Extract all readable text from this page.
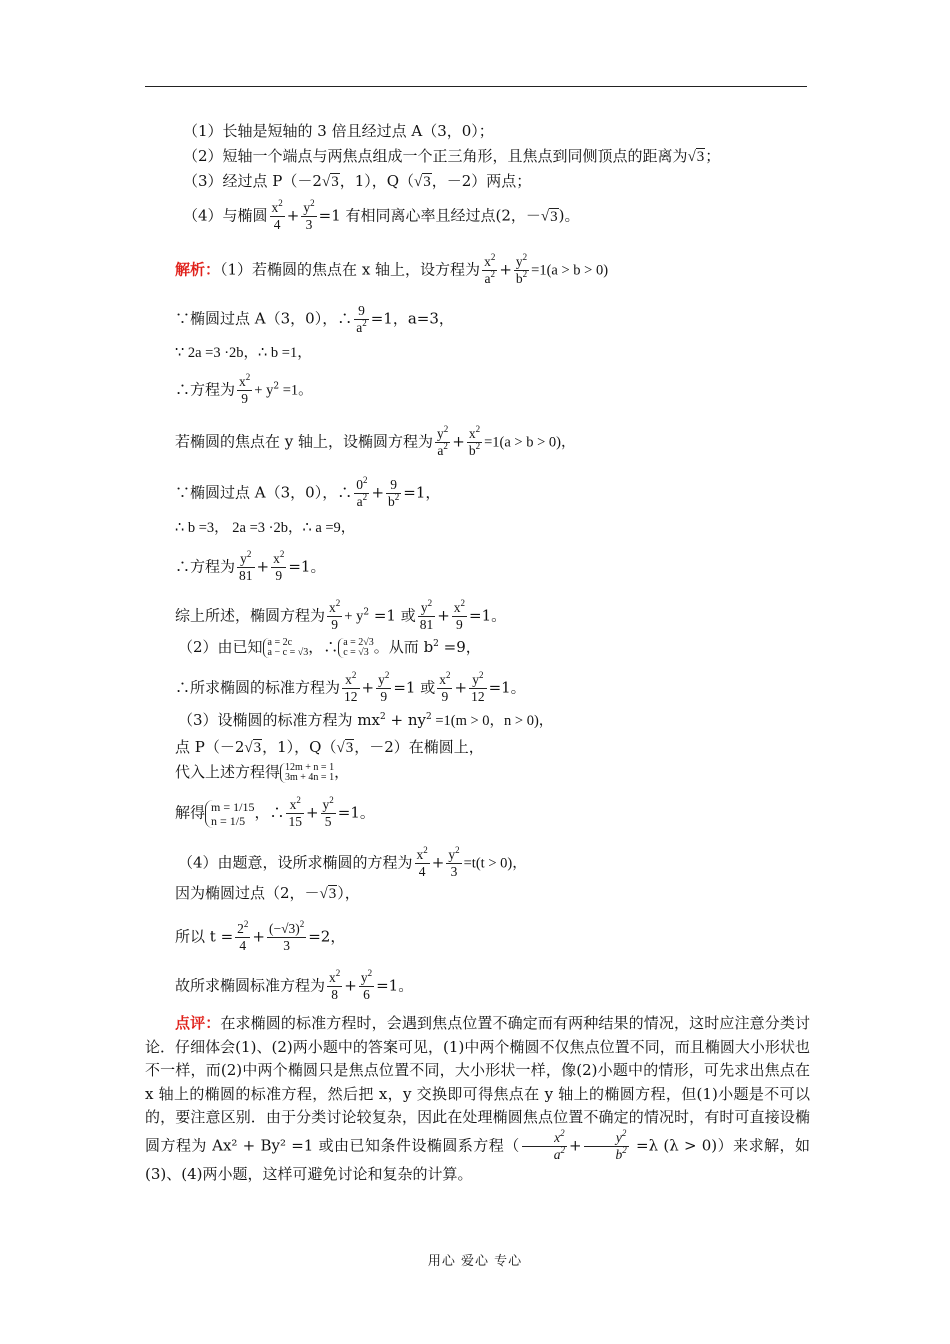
（1）长轴是短轴的 3 倍且经过点 A（3，0）；
（2）短轴一个端点与两焦点组成一个正三角形，且焦点到同侧顶点的距离为√3；
（3）经过点 P（－2√3，1），Q（√3，－2）两点；
（4）与椭圆 $\frac{x^2}{4} + \frac{y^2}{3} =1$ 有相同离心率且经过点(2，－√3)。
解析：（1）若椭圆的焦点在 x 轴上，设方程为 $\frac{x^2}{a^2} + \frac{y^2}{b^2} =1(a > b > 0)$
∵椭圆过点 A（3，0），∴ $\frac{9}{a^2} =1$，a=3，
∵ 2a =3 ·2b，∴ b =1，
∴方程为 $\frac{x^2}{9} + y^2 =1$。
若椭圆的焦点在 y 轴上，设椭圆方程为 $\frac{y^2}{a^2} + \frac{x^2}{b^2} =1(a > b > 0)$，
∵椭圆过点 A（3，0），∴ $\frac{0^2}{a^2} + \frac{9}{b^2} =1$，
∴ b =3， 2a =3 ·2b，∴ a =9，
∴方程为 $\frac{y^2}{81} + \frac{x^2}{9} =1$。
综上所述，椭圆方程为 $\frac{x^2}{9} + y^2 =1$ 或 $\frac{y^2}{81} + \frac{x^2}{9} =1$。
（2）由已知 a = 2c
a − c = √3，∴ a = 2√3
c = √3 。从而 $b^2 =9$，
∴所求椭圆的标准方程为 $\frac{x^2}{12} + \frac{y^2}{9} =1$ 或 $\frac{x^2}{9} + \frac{y^2}{12} =1$。
（3）设椭圆的标准方程为 $mx^2 + ny^2 =1(m > 0$，n > 0)，
点 P（－2√3，1），Q（√3，－2）在椭圆上，
代入上述方程得 12m + n = 1
3m + 4n = 1，
解得 m = 1/15
n = 1/5 ，∴ $\frac{x^2}{15} + \frac{y^2}{5} =1$。
（4）由题意，设所求椭圆的方程为 $\frac{x^2}{4} + \frac{y^2}{3} =t(t > 0)$，
因为椭圆过点（2，－√3），
所以 $t = \frac{2^2}{4} + \frac{(-√3)^2}{3} =2$，
故所求椭圆标准方程为 $\frac{x^2}{8} + \frac{y^2}{6} =1$。
点评：在求椭圆的标准方程时，会遇到焦点位置不确定而有两种结果的情况，这时应注意分类讨论．仔细体会(1)、(2)两小题中的答案可见，(1)中两个椭圆不仅焦点位置不同，而且椭圆大小形状也不一样，而(2)中两个椭圆只是焦点位置不同，大小形状一样，像(2)小题中的情形，可先求出焦点在 x 轴上的椭圆的标准方程，然后把 x，y 交换即可得焦点在 y 轴上的椭圆方程，但(1)小题是不可以的，要注意区别．由于分类讨论较复杂，因此在处理椭圆焦点位置不确定的情况时，有时可直接设椭圆方程为 Ax² + By² =1 或由已知条件设椭圆系方程（ $\frac{x^2}{a^2} + \frac{y^2}{b^2} =\lambda$ (λ > 0)）来求解，如(3)、(4)两小题，这样可避免讨论和复杂的计算。
用心 爱心 专心
